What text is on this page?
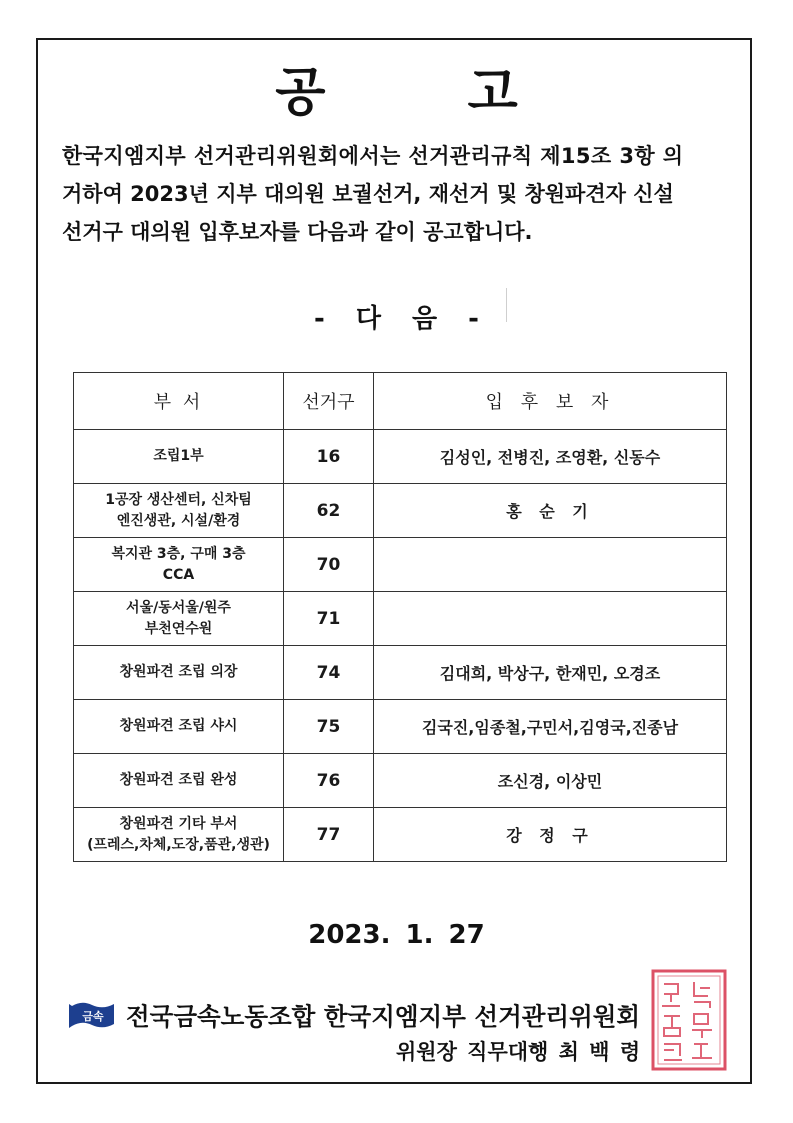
공 고

한국지엠지부 선거관리위원회에서는 선거관리규칙 제15조 3항 의
거하여 2023년 지부 대의원 보궐선거, 재선거 및 창원파견자 신설
선거구 대의원 입후보자를 다음과 같이 공고합니다.

- 다 음 -
부 서	선거구	입 후 보 자
조립1부	16	김성인, 전병진, 조영환, 신동수
1공장 생산센터, 신차팀
엔진생관, 시설/환경	62	홍 순 기
복지관 3층, 구매 3층
CCA	70	
서울/동서울/원주
부천연수원	71	
창원파견 조립 의장	74	김대희, 박상구, 한재민, 오경조
창원파견 조립 샤시	75	김국진,임종철,구민서,김영국,진종남
창원파견 조립 완성	76	조신경, 이상민
창원파견 기타 부서
(프레스,차체,도장,품관,생관)	77	강 정 구
2023. 1. 27
금속 전국금속노동조합 한국지엠지부 선거관리위원회
위원장 직무대행 최 백 령
